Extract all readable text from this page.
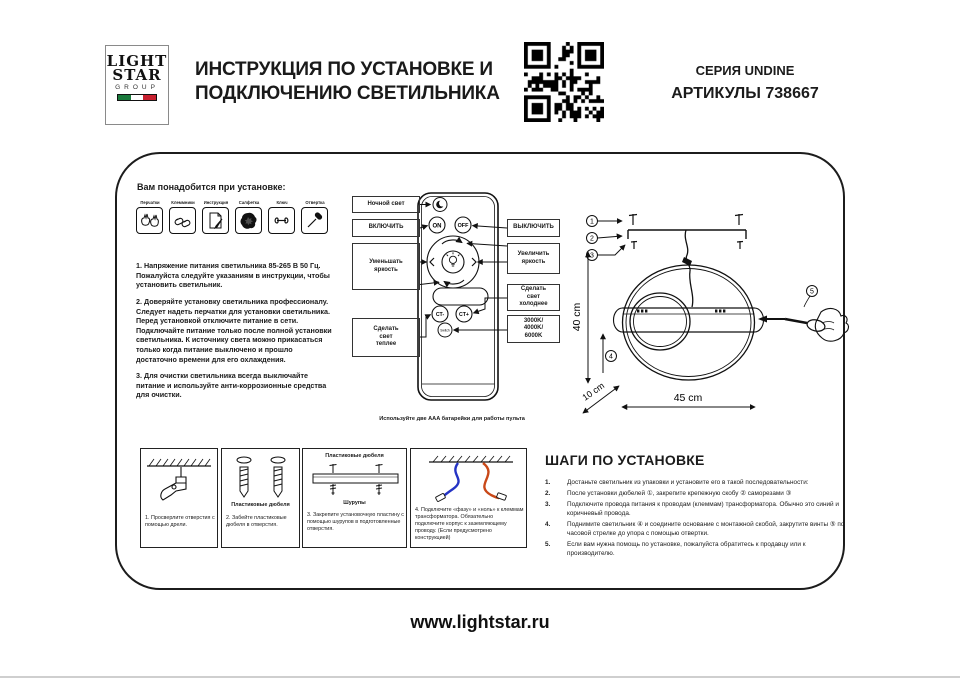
LIGHT
STAR
GROUP
ИНСТРУКЦИЯ ПО УСТАНОВКЕ И
ПОДКЛЮЧЕНИЮ СВЕТИЛЬНИКА
СЕРИЯ UNDINE
АРТИКУЛЫ 738667
Вам понадобится при установке:
Перчатки	Клеммники	Инструкция	Салфетка	Ключ	Отвертка
1. Напряжение питания светильника 85-265 В 50 Гц. Пожалуйста следуйте указаниям в инструкции, чтобы установить светильник.
2. Доверяйте установку светильника профессионалу. Следует надеть перчатки для установки светильника. Перед установкой отключите питание в сети. Подключайте питание только после полной установки светильника. К источнику света можно прикасаться только когда питание выключено и прошло достаточно времени для его охлаждения.
3. Для очистки светильника всегда выключайте питание и используйте анти-коррозионные средства для очистки.
ON	OFF
CT-	CT+
Switch
Ночной свет
ВКЛЮЧИТЬ
Уменьшать яркость
Сделать свет теплее
ВЫКЛЮЧИТЬ
Увеличить яркость
Сделать свет холоднее
3000K/ 4000K/ 6000K
Используйте две AAA батарейки для работы пульта
1
2
3
4
5
40 cm
10 cm	45 cm
1. Просверлите отверстия с помощью дрели.
Пластиковые дюбеля
2. Забейте пластиковые дюбеля в отверстия.
Пластиковые дюбеля
Шурупы
3. Закрепите установочную пластину с помощью шурупов в подготовленные отверстия.
4. Подключите «фазу» и «ноль» к клеммам трансформатора. Обязательно подключите корпус к заземляющему проводу. (Если предусмотрено конструкцией)
ШАГИ ПО УСТАНОВКЕ
1.	Достаньте светильник из упаковки и установите его в такой последовательности:
2.	После установки дюбелей ①, закрепите крепежную скобу ② саморезами ③
3.	Подключите провода питания к проводам (клеммам) трансформатора. Обычно это синий и коричневый провода.
4.	Поднимите светильник ④ и соедините основание с монтажной скобой, закрутите винты ⑤ по часовой стрелке до упора с помощью отвертки.
5.	Если вам нужна помощь по установке, пожалуйста обратитесь к продавцу или к производителю.
www.lightstar.ru
